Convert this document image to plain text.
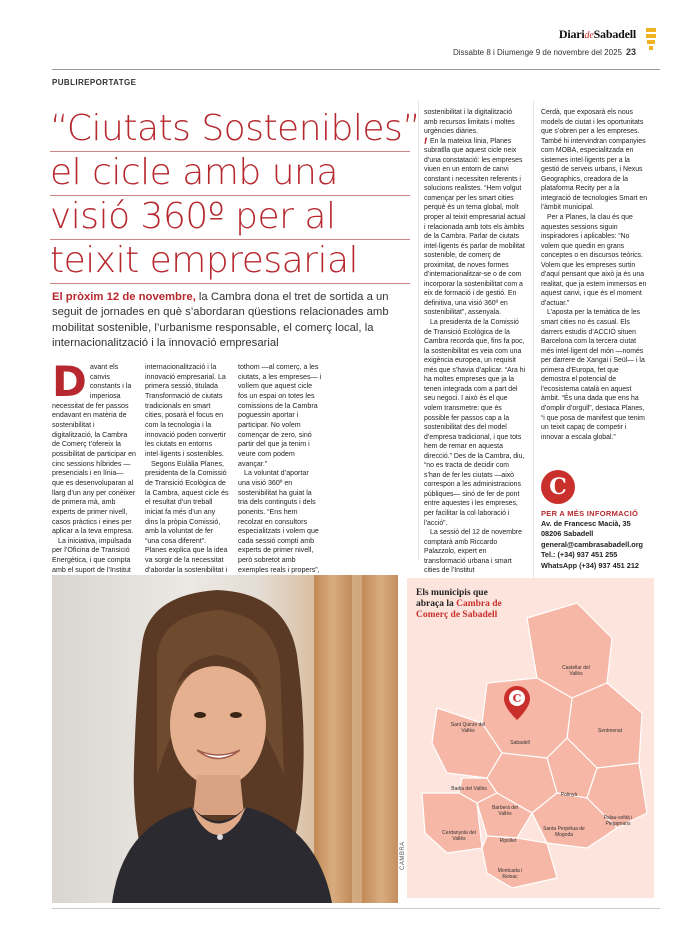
DiarideSabadell
Dissabte 8 i Diumenge 9 de novembre del 2025 23
PUBLIREPORTATGE
“Ciutats Sostenibles”,
el cicle amb una
visió 360º per al
teixit empresarial
El pròxim 12 de novembre, la Cambra dona el tret de sortida a un seguit de jornades en què s’abordaran qüestions relacionades amb mobilitat sostenible, l’urbanisme responsable, el comerç local, la internacionalització i la innovació empresarial
D avant els canvis constants i la imperiosa necessitat de fer passos endavant en matèria de sostenibilitat i digitalització, la Cambra de Comerç t’ofereix la possibilitat de participar en cinc sessions híbrides —presencials i en línia— que es desenvoluparan al llarg d’un any per conèixer de primera mà, amb experts de primer nivell, casos pràctics i eines per aplicar a la teva empresa.

La iniciativa, impulsada per l’Oficina de Transició Energètica, i que compta amb el suport de l’Institut

internacionalització i la innovació empresarial. La primera sessió, titulada Transformació de ciutats tradicionals en smart cities, posarà el focus en com la tecnologia i la innovació poden convertir les ciutats en entorns intel·ligents i sostenibles.

Segons Eulàlia Planes, presidenta de la Comissió de Transició Ecològica de la Cambra, aquest cicle és el resultat d’un treball iniciat fa més d’un any dins la pròpia Comissió, amb la voluntat de fer “una cosa diferent”. Planes explica que la idea va sorgir de la necessitat d’abordar la sostenibilitat i

tothom —al comerç, a les ciutats, a les empreses— i volíem que aquest cicle fos un espai on totes les comissions de la Cambra poguessin aportar i participar. No volem començar de zero, sinó partir del que ja tenim i veure com podem avançar.”

La voluntat d’aportar una visió 360º en sostenibilitat ha guiat la tria dels continguts i dels ponents. “Ens hem recolzat en consultors especialitzats i volem que cada sessió compti amb experts de primer nivell, però sobretot amb exemples reals i propers”,

sostenibilitat i la digitalització amb recursos limitats i moltes urgències diàries.

En la mateixa línia, Planes subratlla que aquest cicle neix d’una constatació: les empreses viuen en un entorn de canvi constant i necessiten referents i solucions realistes. “Hem volgut començar per les smart cities perquè és un tema global, molt proper al teixit empresarial actual i relacionada amb tots els àmbits de la Cambra. Parlar de ciutats intel·ligents és parlar de mobilitat sostenible, de comerç de proximitat, de noves formes d’internacionalitzar-se o de com incorporar la sostenibilitat com a eix de formació i de gestió. En definitiva, una visió 360º en sostenibilitat”, assenyala.

La presidenta de la Comissió de Transició Ecològica de la Cambra recorda que, fins fa poc, la sostenibilitat es veia com una exigència europea, un requisit més que s’havia d’aplicar. “Ara hi ha moltes empreses que ja la tenen integrada com a part del seu negoci. I això és el que volem transmetre: que és possible fer passos cap a la sostenibilitat des del model d’empresa tradicional, i que tots hem de remar en aquesta direcció.” Des de la Cambra, diu, “no es tracta de decidir com s’han de fer les ciutats —això correspon a les administracions públiques— sinó de fer de pont entre aquestes i les empreses, per facilitar la col·laboració i l’acció”.

La sessió del 12 de novembre comptarà amb Riccardo Palazzolo, expert en transformació urbana i smart cities de l’Institut

Cerdà, que exposarà els nous models de ciutat i les oportunitats que s’obren per a les empreses. També hi intervindran companyies com MOBA, especialitzada en sistemes intel·ligents per a la gestió de serveis urbans, i Nexus Geographics, creadora de la plataforma Recity per a la integració de tecnologies Smart en l’àmbit municipal.

Per a Planes, la clau és que aquestes sessions siguin inspiradores i aplicables: “No volem que quedin en grans conceptes o en discursos teòrics. Volem que les empreses surtin d’aquí pensant que això ja és una realitat, que ja estem immersos en aquest canvi, i que és el moment d’actuar.”

L’aposta per la temàtica de les smart cities no és casual. Els darrers estudis d’ACCIÓ situen Barcelona com la tercera ciutat més intel·ligent del món —només per darrere de Xangai i Seül— i la primera d’Europa, fet que demostra el potencial de l’ecosistema català en aquest àmbit. “És una dada que ens ha d’omplir d’orgull”, destaca Planes, “i que posa de manifest que tenim un teixit capaç de competir i innovar a escala global.”

C
PER A MÉS INFORMACIÓ
Av. de Francesc Macià, 35
08206 Sabadell
general@cambrasabadell.org
Tel.: (+34) 937 451 255
WhatsApp (+34) 937 451 212
CAMBRA
Els municipis que
abraça la Cambra de Comerç de Sabadell
C
Castellar del Vallès
Sentmenat
Sant Quirze del Vallès
Sabadell
Badia del Vallès
Barberà del Vallès
Polinyà
Palau-solità i Plegamans
Cerdanyola del Vallès	Ripollet
Santa Perpètua de Mogoda
Montcada i Reixac
